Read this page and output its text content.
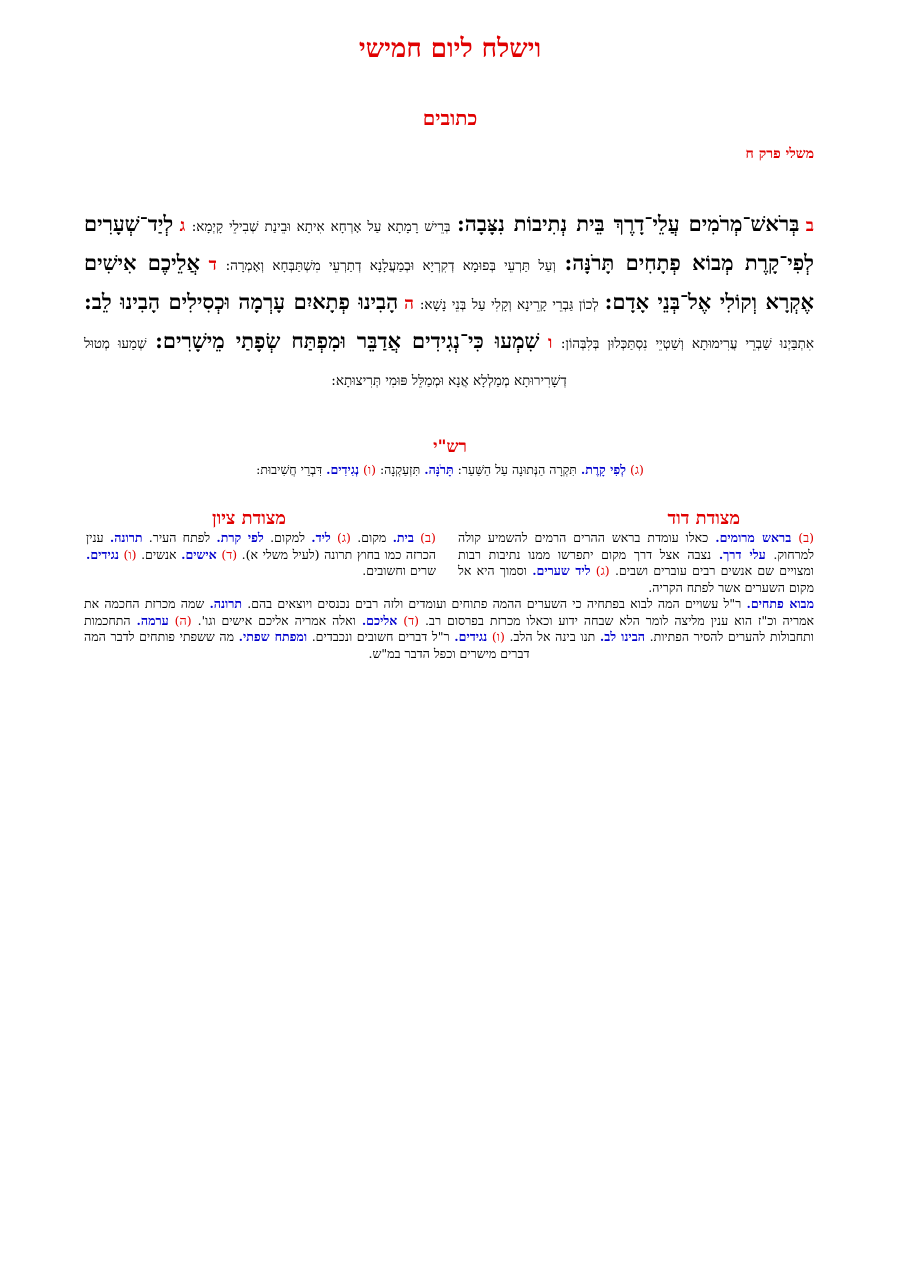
וישלח ליום חמישי
כתובים
משלי פרק ח
ב בְּרֹאשׁ־מְרֹמִים עֲלֵי־דָרֶךְ בֵּית נְתִיבוֹת נִצָּבָה: בְּרֵישׁ רָמָתָא עַל אָרְחָא אִיתָא וּבֵינַת שְׁבִילֵי קָיְמָא: ג לְיַד־שְׁעָרִים לְפִי־קָרֶת מְבוֹא פְתָחִים תָּרֹנָּה: וְעַל תַּרְעֵי בְּפוּמָא דְקִרְיָא וּבְמַעֲלָנָא דְתַרְעֵי מִשְׁתַּבְּחָא וְאָמְרָה: ד אֲלֵיכֶם אִישִׁים אֶקְרָא וְקוֹלִי אֶל־בְּנֵי אָדָם: לְכוֹן גַּבְרֵי קָרֵינָא וְקָלִי עַל בְּנֵי נָשָׁא: ה הָבִינוּ פְתָאיִם עָרְמָה וּכְסִילִים הָבִינוּ לֵב: אִתְבַּיְנוּ שַׁבְרֵי עֲרִימוּתָא וְשַׁטְיֵי נִסְתַּכְּלוּן בְּלִבְּהוֹן: ו שִׁמְעוּ כִּי־נְגִידִים אֲדַבֵּר וּמִפְתַּח שְׂפָתַי מֵישָׁרִים: שְׁמַעוּ מְטוּל דְשָׁרִירוּתָא מְמַלְלָא אֲנָא וּמְמַלֵּל פּוּמִי תְּרִיצוּתָא:
רש"י
(ג) לְפִי קָרֶת. תִּקְרָה הַנְּתוּנָה עַל הַשַּׁעַר: תָּרֹנָּה. תִּזְעַקְנָה: (ו) נְגִידִים. דִּבְרֵי חֲשִׁיבוּת:
מצודת דוד
מצודת ציון
(ב) בראש מרומים. כאלו עומדת בראש ההרים הרמים להשמיע קולה למרחוק. עלי דרך. נצבה אצל דרך מקום יתפרשו ממנו נתיבות רבות ומצויים שם אנשים רבים עוברים ושבים. (ג) ליד שערים. וסמוך היא אל מקום השערים אשר לפתח הקריה.
(ב) בית. מקום. (ג) ליד. למקום. לפי קרת. לפתח העיר. תרונה. ענין הכרזה כמו בחוץ תרונה (לעיל משלי א). (ד) אישים. אנשים. (ו) נגידים. שרים וחשובים.
מבוא פתחים. ר"ל עשויים המה לבוא בפתחיה כי השערים ההמה פתוחים ועומדים ולזה רבים נכנסים ויוצאים בהם. תרונה. שמה מכרזת החכמה את אמריה וכ"ז הוא ענין מליצה לומר הלא שבחה ידוע וכאלו מכרזת בפרסום רב. (ד) אליכם. ואלה אמריה אליכם אישים וגו'. (ה) ערמה. התחכמות ותחבולות להערים להסיר הפתיות. הבינו לב. תנו בינה אל הלב. (ו) נגידים. ר"ל דברים חשובים ונכבדים. ומפתח שפתי. מה ששפתי פותחים לדבר המה דברים מישרים וכפל הדבר במ"ש.
